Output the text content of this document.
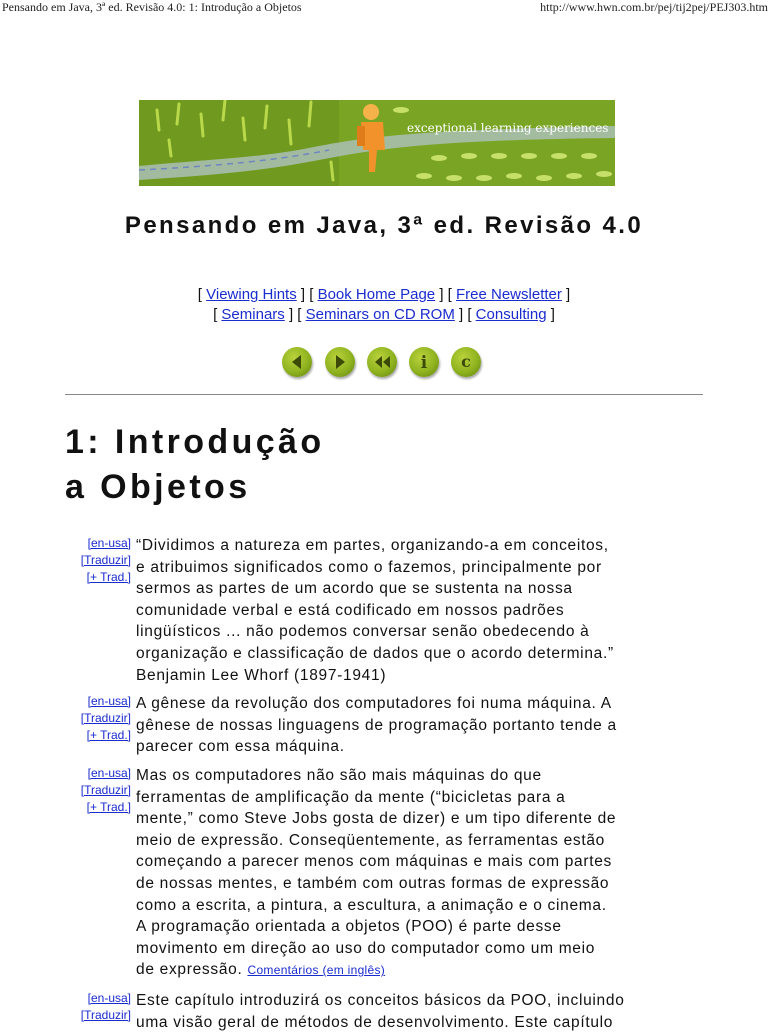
Pensando em Java, 3ª ed. Revisão 4.0: 1: Introdução a Objetos	http://www.hwn.com.br/pej/tij2pej/PEJ303.htm
exceptional learning experiences
Pensando em Java, 3ª ed. Revisão 4.0
[ Viewing Hints ] [ Book Home Page ] [ Free Newsletter ]
[ Seminars ] [ Seminars on CD ROM ] [ Consulting ]
i c
1: Introdução
a Objetos
[en-usa]
[Traduzir]
[+ Trad.]
“Dividimos a natureza em partes, organizando-a em conceitos,
e atribuimos significados como o fazemos, principalmente por
sermos as partes de um acordo que se sustenta na nossa
comunidade verbal e está codificado em nossos padrões
lingüísticos ... não podemos conversar senão obedecendo à
organização e classificação de dados que o acordo determina.”
Benjamin Lee Whorf (1897-1941)
[en-usa]
[Traduzir]
[+ Trad.]
A gênese da revolução dos computadores foi numa máquina. A
gênese de nossas linguagens de programação portanto tende a
parecer com essa máquina.
[en-usa]
[Traduzir]
[+ Trad.]
Mas os computadores não são mais máquinas do que
ferramentas de amplificação da mente (“bicicletas para a
mente,” como Steve Jobs gosta de dizer) e um tipo diferente de
meio de expressão. Conseqüentemente, as ferramentas estão
começando a parecer menos com máquinas e mais com partes
de nossas mentes, e também com outras formas de expressão
como a escrita, a pintura, a escultura, a animação e o cinema.
A programação orientada a objetos (POO) é parte desse
movimento em direção ao uso do computador como um meio
de expressão. Comentários (em inglês)
[en-usa]
[Traduzir]
Este capítulo introduzirá os conceitos básicos da POO, incluindo
uma visão geral de métodos de desenvolvimento. Este capítulo
